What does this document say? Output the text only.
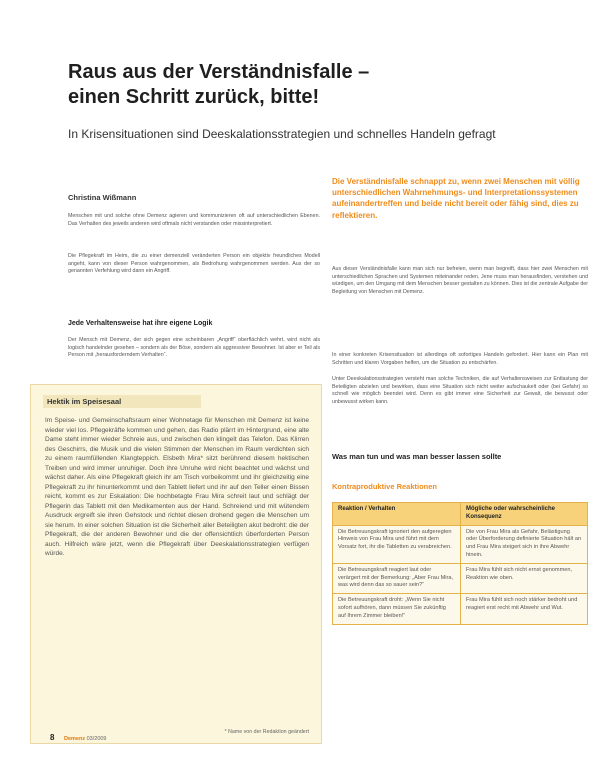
Raus aus der Verständnisfalle –
einen Schritt zurück, bitte!
In Krisensituationen sind Deeskalationsstrategien und schnelles Handeln gefragt
Christina Wißmann
Menschen mit und solche ohne Demenz agieren und kommunizieren oft auf unterschiedlichen Ebenen. Das Verhalten des jeweils anderen wird oftmals nicht verstanden oder missinterpretiert.
Die Pflegekraft im Heim, die zu einer demenziell veränderten Person ein objektiv freundliches Modell angeht, kann von dieser Person wahrgenommen, als Bedrohung wahrgenommen werden. Aus der so genannten Verfehlung wird dann ein Angriff.
Jede Verhaltensweise hat ihre eigene Logik
Der Mensch mit Demenz, der sich gegen eine scheinbaren „Angriff“ oberflächlich wehrt, wird nicht als logisch handelnder gesehen – sondern als der Böse, sondern als aggressiver Bewohner. Ist aber er Teil als Person mit „herausforderndem Verhalten“.
Hektik im Speisesaal
Im Speise- und Gemeinschaftsraum einer Wohnetage für Menschen mit Demenz ist keine wieder viel los. Pflegekräfte kommen und gehen, das Radio plärrt im Hintergrund, eine alte Dame steht immer wieder Schreie aus, und zwischen den klingelt das Telefon. Das Klirren des Geschirrs, die Musik und die vielen Stimmen der Menschen im Raum verdichten sich zu einem raumfüllenden Klangteppich. Elsbeth Mira* sitzt berührend diesem hektischen Treiben und wird immer unruhiger. Doch ihre Unruhe wird nicht beachtet und wächst und wächst daher. Als eine Pflegekraft gleich ihr am Tisch vorbeikommt und ihr gleichzeitig eine Pflegekraft zu ihr hinunterkommt und den Tablett liefert und ihr auf den Teller einen Bissen reicht, kommt es zur Eskalation: Die hochbetagte Frau Mira schreit laut und schlägt der Pflegerin das Tablett mit den Medikamenten aus der Hand. Schreiend und mit wütendem Ausdruck ergreift sie ihren Gehstock und richtet diesen drohend gegen die Menschen um sie herum. In einer solchen Situation ist die Sicherheit aller Beteiligten akut bedroht: die der Pflegekraft, die der anderen Bewohner und die der offensichtlich überforderten Person auch. Hilfreich wäre jetzt, wenn die Pflegekraft über Deeskalationsstrategien verfügen würde.
* Name von der Redaktion geändert
Die Verständnisfalle schnappt zu, wenn zwei Menschen mit völlig unterschiedlichen Wahrnehmungs- und Interpretationssystemen aufeinandertreffen und beide nicht bereit oder fähig sind, dies zu reflektieren.
Aus dieser Verständnisfalle kann man sich nur befreien, wenn man begreift, dass hier zwei Menschen mit unterschiedlichen Sprachen und Systemen miteinander reden. Jene muss man herausfinden, verstehen und würdigen, um den Umgang mit dem Menschen besser gestalten zu können. Dies ist die zentrale Aufgabe der Begleitung von Menschen mit Demenz.
In einer konkreten Krisensituation ist allerdings oft sofortiges Handeln gefordert. Hier kann ein Plan mit Schritten und klaren Vorgaben helfen, um die Situation zu entschärfen.
Unter Deeskalationsstrategien versteht man solche Techniken, die auf Verhaltensweisen zur Entlastung der Beteiligten abzielen und bewirken, dass eine Situation sich nicht weiter aufschaukelt oder (bei Gefahr) so schnell wie möglich beendet wird. Denn es gibt immer eine Sicherheit zur Gewalt, die bewusst oder unbewusst wirken kann.
Was man tun und was man besser lassen sollte
Kontraproduktive Reaktionen
Reaktion / Verhalten	Mögliche oder wahrscheinliche Konsequenz
Die Betreuungskraft ignoriert den aufgeregten Hinweis von Frau Mira und führt mit dem Vorsatz fort, ihr die Tabletten zu verabreichen.
Die von Frau Mira als Gefahr, Belästigung oder Überforderung definierte Situation hält an und Frau Mira steigert sich in ihre Abwehr hinein.
Die Betreuungskraft reagiert laut oder verärgert mit der Bemerkung: „Aber Frau Mira, was wird denn das so sauer sein?“
Frau Mira fühlt sich nicht ernst genommen, Reaktion wie oben.
Die Betreuungskraft droht: „Wenn Sie nicht sofort aufhören, dann müssen Sie zukünftig auf Ihrem Zimmer bleiben!“
Frau Mira fühlt sich noch stärker bedroht und reagiert erst recht mit Abwehr und Wut.
8 Demenz 03/2009
